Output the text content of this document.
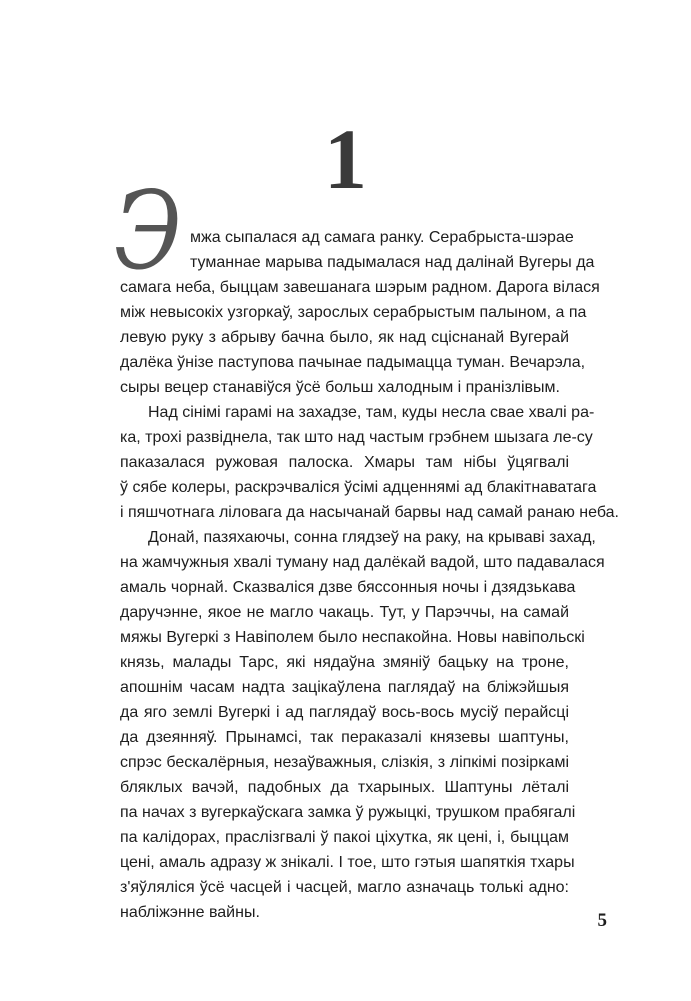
1
Э мжа сыпалася ад самага ранку. Серабрыста-шэрае
туманнае марыва падымалася над далінай Вугеры да
самага неба, быццам завешанага шэрым радном. Дарога вілася
між невысокіх узгоркаў, зарослых серабрыстым палыном, а па
левую руку з абрыву бачна было, як над сціснанай Вугерай
далёка ўнізе паступова пачынае падымацца туман. Вечарэла,
сыры вецер станавіўся ўсё больш халодным і пранізлівым.
Над сінімі гарамі на захадзе, там, куды несла свае хвалі ра-
ка, трохі развіднела, так што над частым грэбнем шызага ле-су
паказалася ружовая палоска. Хмары там нібы ўцягвалі
ў сябе колеры, раскрэчваліся ўсімі адценнямі ад блакітнаватага
і пяшчотнага ліловага да насычанай барвы над самай ранаю неба.
Донай, пазяхаючы, сонна глядзеў на раку, на крываві захад,
на жамчужныя хвалі туману над далёкай вадой, што падавалася
амаль чорнай. Сказваліся дзве бяссонныя ночы і дзядзькава
даручэнне, якое не магло чакаць. Тут, у Парэччы, на самай
мяжы Вугеркі з Навіполем было неспакойна. Новы навіпольскі
князь, малады Тарс, які нядаўна змяніў бацьку на троне,
апошнім часам надта зацікаўлена паглядаў на бліжэйшыя
да яго землі Вугеркі і ад паглядаў вось-вось мусіў перайсці
да дзеянняў. Прынамсі, так пераказалі князевы шаптуны,
спрэс бескалёрныя, незаўважныя, слізкія, з ліпкімі позіркамі
бляклых вачэй, падобных да тхарыных. Шаптуны лёталі
па начах з вугеркаўскага замка ў ружыцкі, трушком прабягалі
па калідорах, праслізгвалі ў пакоі ціхутка, як цені, і, быццам
цені, амаль адразу ж знікалі. І тое, што гэтыя шапяткія тхары
з'яўляліся ўсё часцей і часцей, магло азначаць толькі адно:
набліжэнне вайны.	5
